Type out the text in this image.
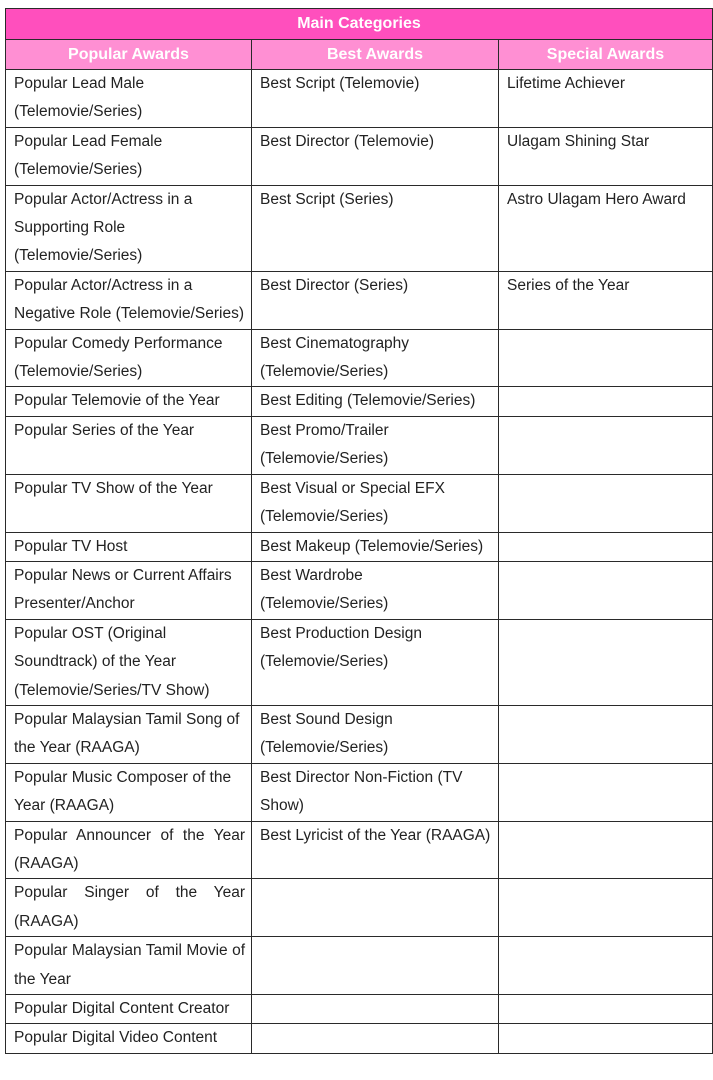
Main Categories		
Popular Awards	Best Awards	Special Awards
Popular Lead Male (Telemovie/Series)	Best Script (Telemovie)	Lifetime Achiever
Popular Lead Female (Telemovie/Series)	Best Director (Telemovie)	Ulagam Shining Star
Popular Actor/Actress in a Supporting Role (Telemovie/Series)	Best Script (Series)	Astro Ulagam Hero Award
Popular Actor/Actress in a Negative Role (Telemovie/Series)	Best Director (Series)	Series of the Year
Popular Comedy Performance (Telemovie/Series)	Best Cinematography (Telemovie/Series)	
Popular Telemovie of the Year	Best Editing (Telemovie/Series)	
Popular Series of the Year	Best Promo/Trailer (Telemovie/Series)	
Popular TV Show of the Year	Best Visual or Special EFX (Telemovie/Series)	
Popular TV Host	Best Makeup (Telemovie/Series)	
Popular News or Current Affairs Presenter/Anchor	Best Wardrobe (Telemovie/Series)	
Popular OST (Original Soundtrack) of the Year (Telemovie/Series/TV Show)	Best Production Design (Telemovie/Series)	
Popular Malaysian Tamil Song of the Year (RAAGA)	Best Sound Design (Telemovie/Series)	
Popular Music Composer of the Year (RAAGA)	Best Director Non-Fiction (TV Show)	
Popular Announcer of the Year (RAAGA)	Best Lyricist of the Year (RAAGA)	
Popular Singer of the Year (RAAGA)		
Popular Malaysian Tamil Movie of the Year		
Popular Digital Content Creator		
Popular Digital Video Content		
